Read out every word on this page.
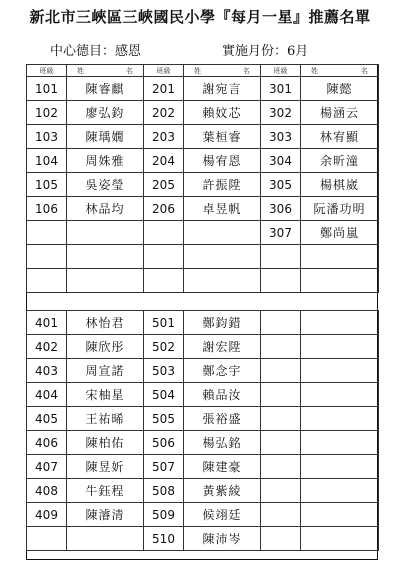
新北市三峽區三峽國民小學『每月一星』推薦名單
中心德目：感恩	實施月份：6月
班級	姓 名	班級	姓 名	班級	姓 名

101	陳睿麒	201	謝宛言	301	陳懿
102	廖弘鈞	202	賴妏芯	302	楊涵云
103	陳瑀嫺	203	葉桓睿	303	林宥顯
104	周姝雅	204	楊宥恩	304	余昕潼
105	吳姿瑩	205	許振陞	305	楊棋崴
106	林品均	206	卓昱帆	306	阮潘功明
				307	鄭尚嵐

401	林怡君	501	鄭鈞錯		
402	陳欣彤	502	謝宏陞		
403	周宣諾	503	鄭念宇		
404	宋柚星	504	賴品汝		
405	王祐晞	505	張裕盛		
406	陳柏佑	506	楊弘銘		
407	陳昱妡	507	陳建豪		
408	牛鈺程	508	黃紫綾		
409	陳濬清	509	候翊廷		
		510	陳沛岑		
